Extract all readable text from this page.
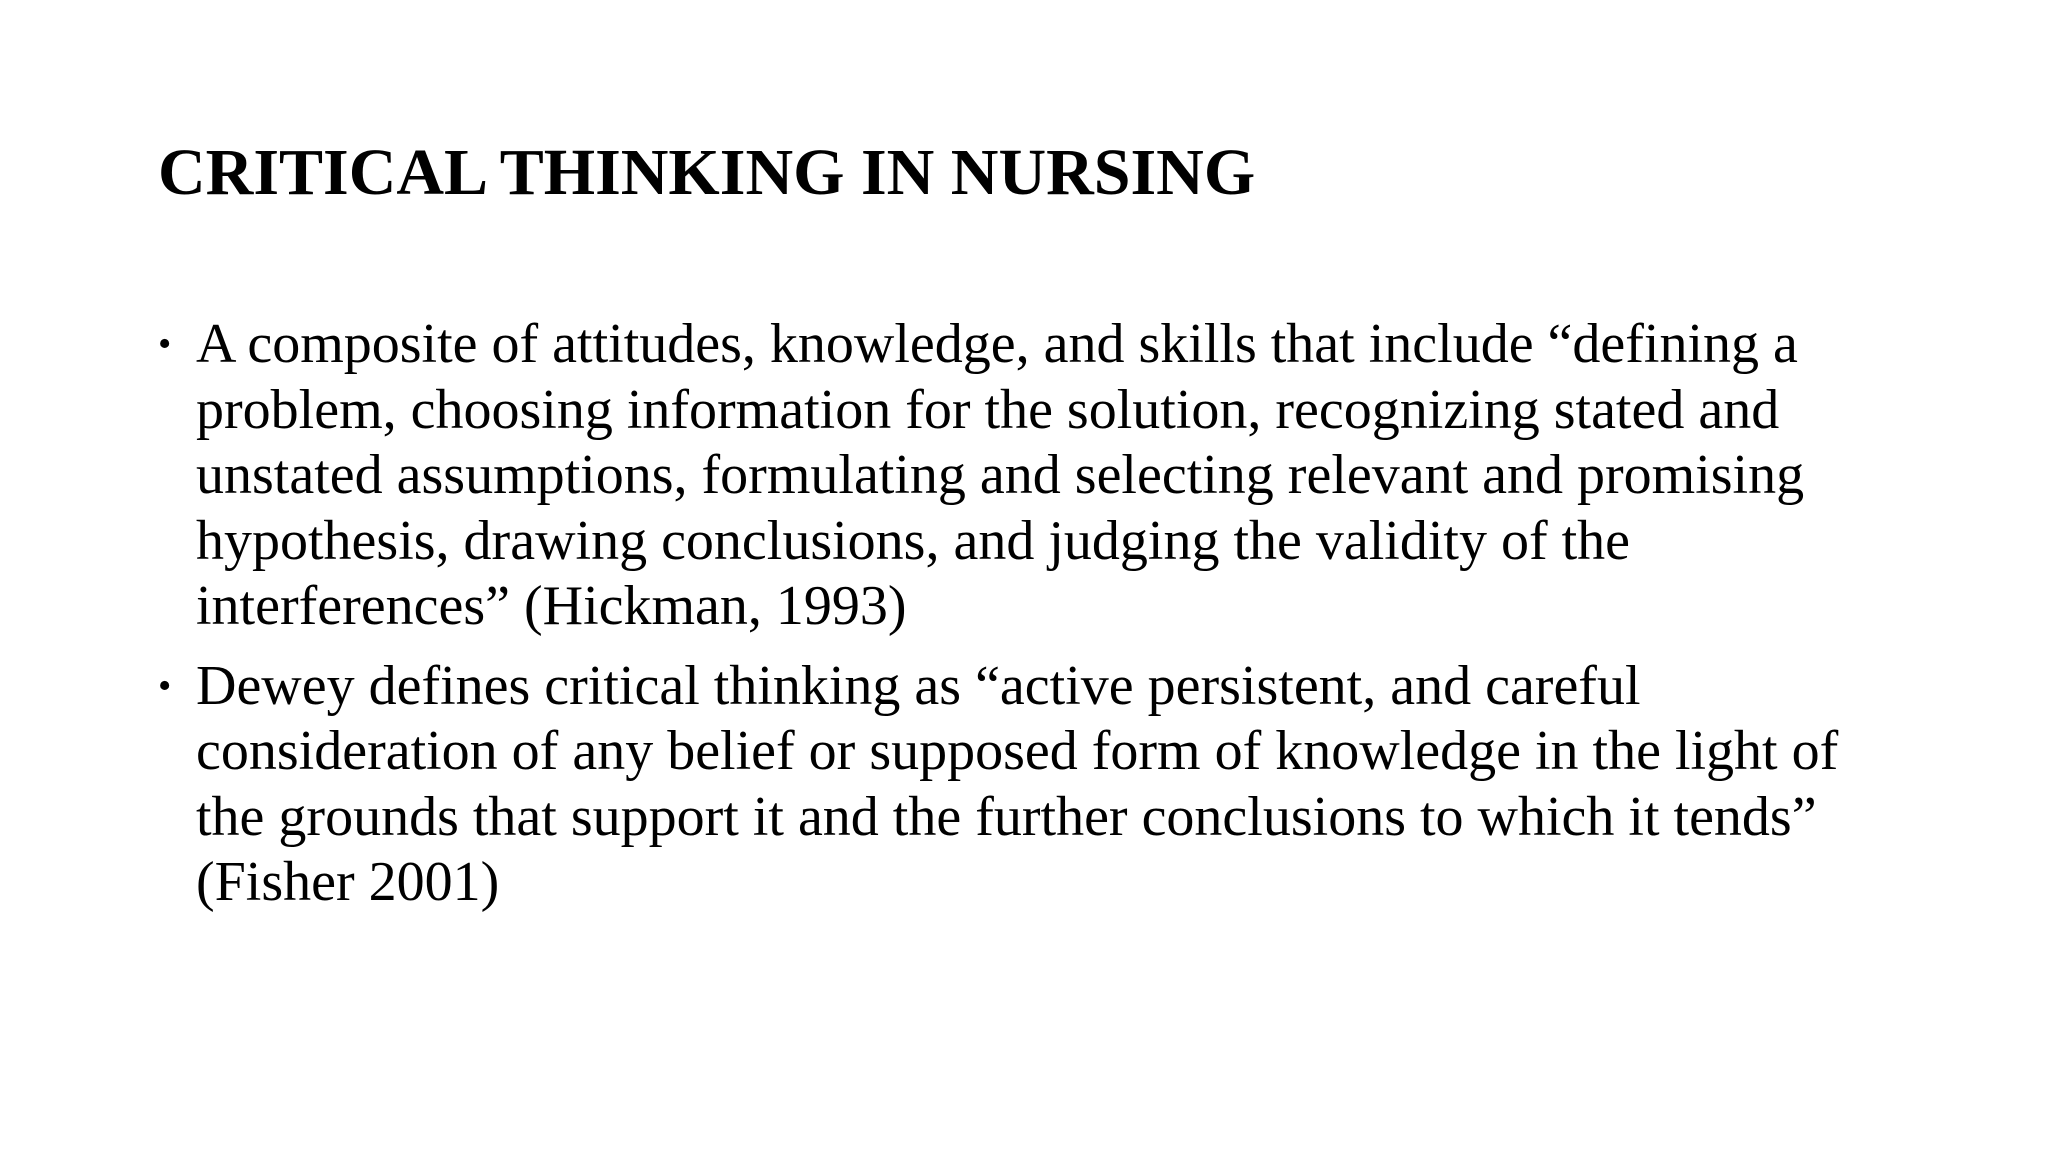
CRITICAL THINKING IN NURSING
• A composite of attitudes, knowledge, and skills that include “defining a problem, choosing information for the solution, recognizing stated and unstated assumptions, formulating and selecting relevant and promising hypothesis, drawing conclusions, and judging the validity of the interferences” (Hickman, 1993)
• Dewey defines critical thinking as “active persistent, and careful consideration of any belief or supposed form of knowledge in the light of the grounds that support it and the further conclusions to which it tends” (Fisher 2001)
